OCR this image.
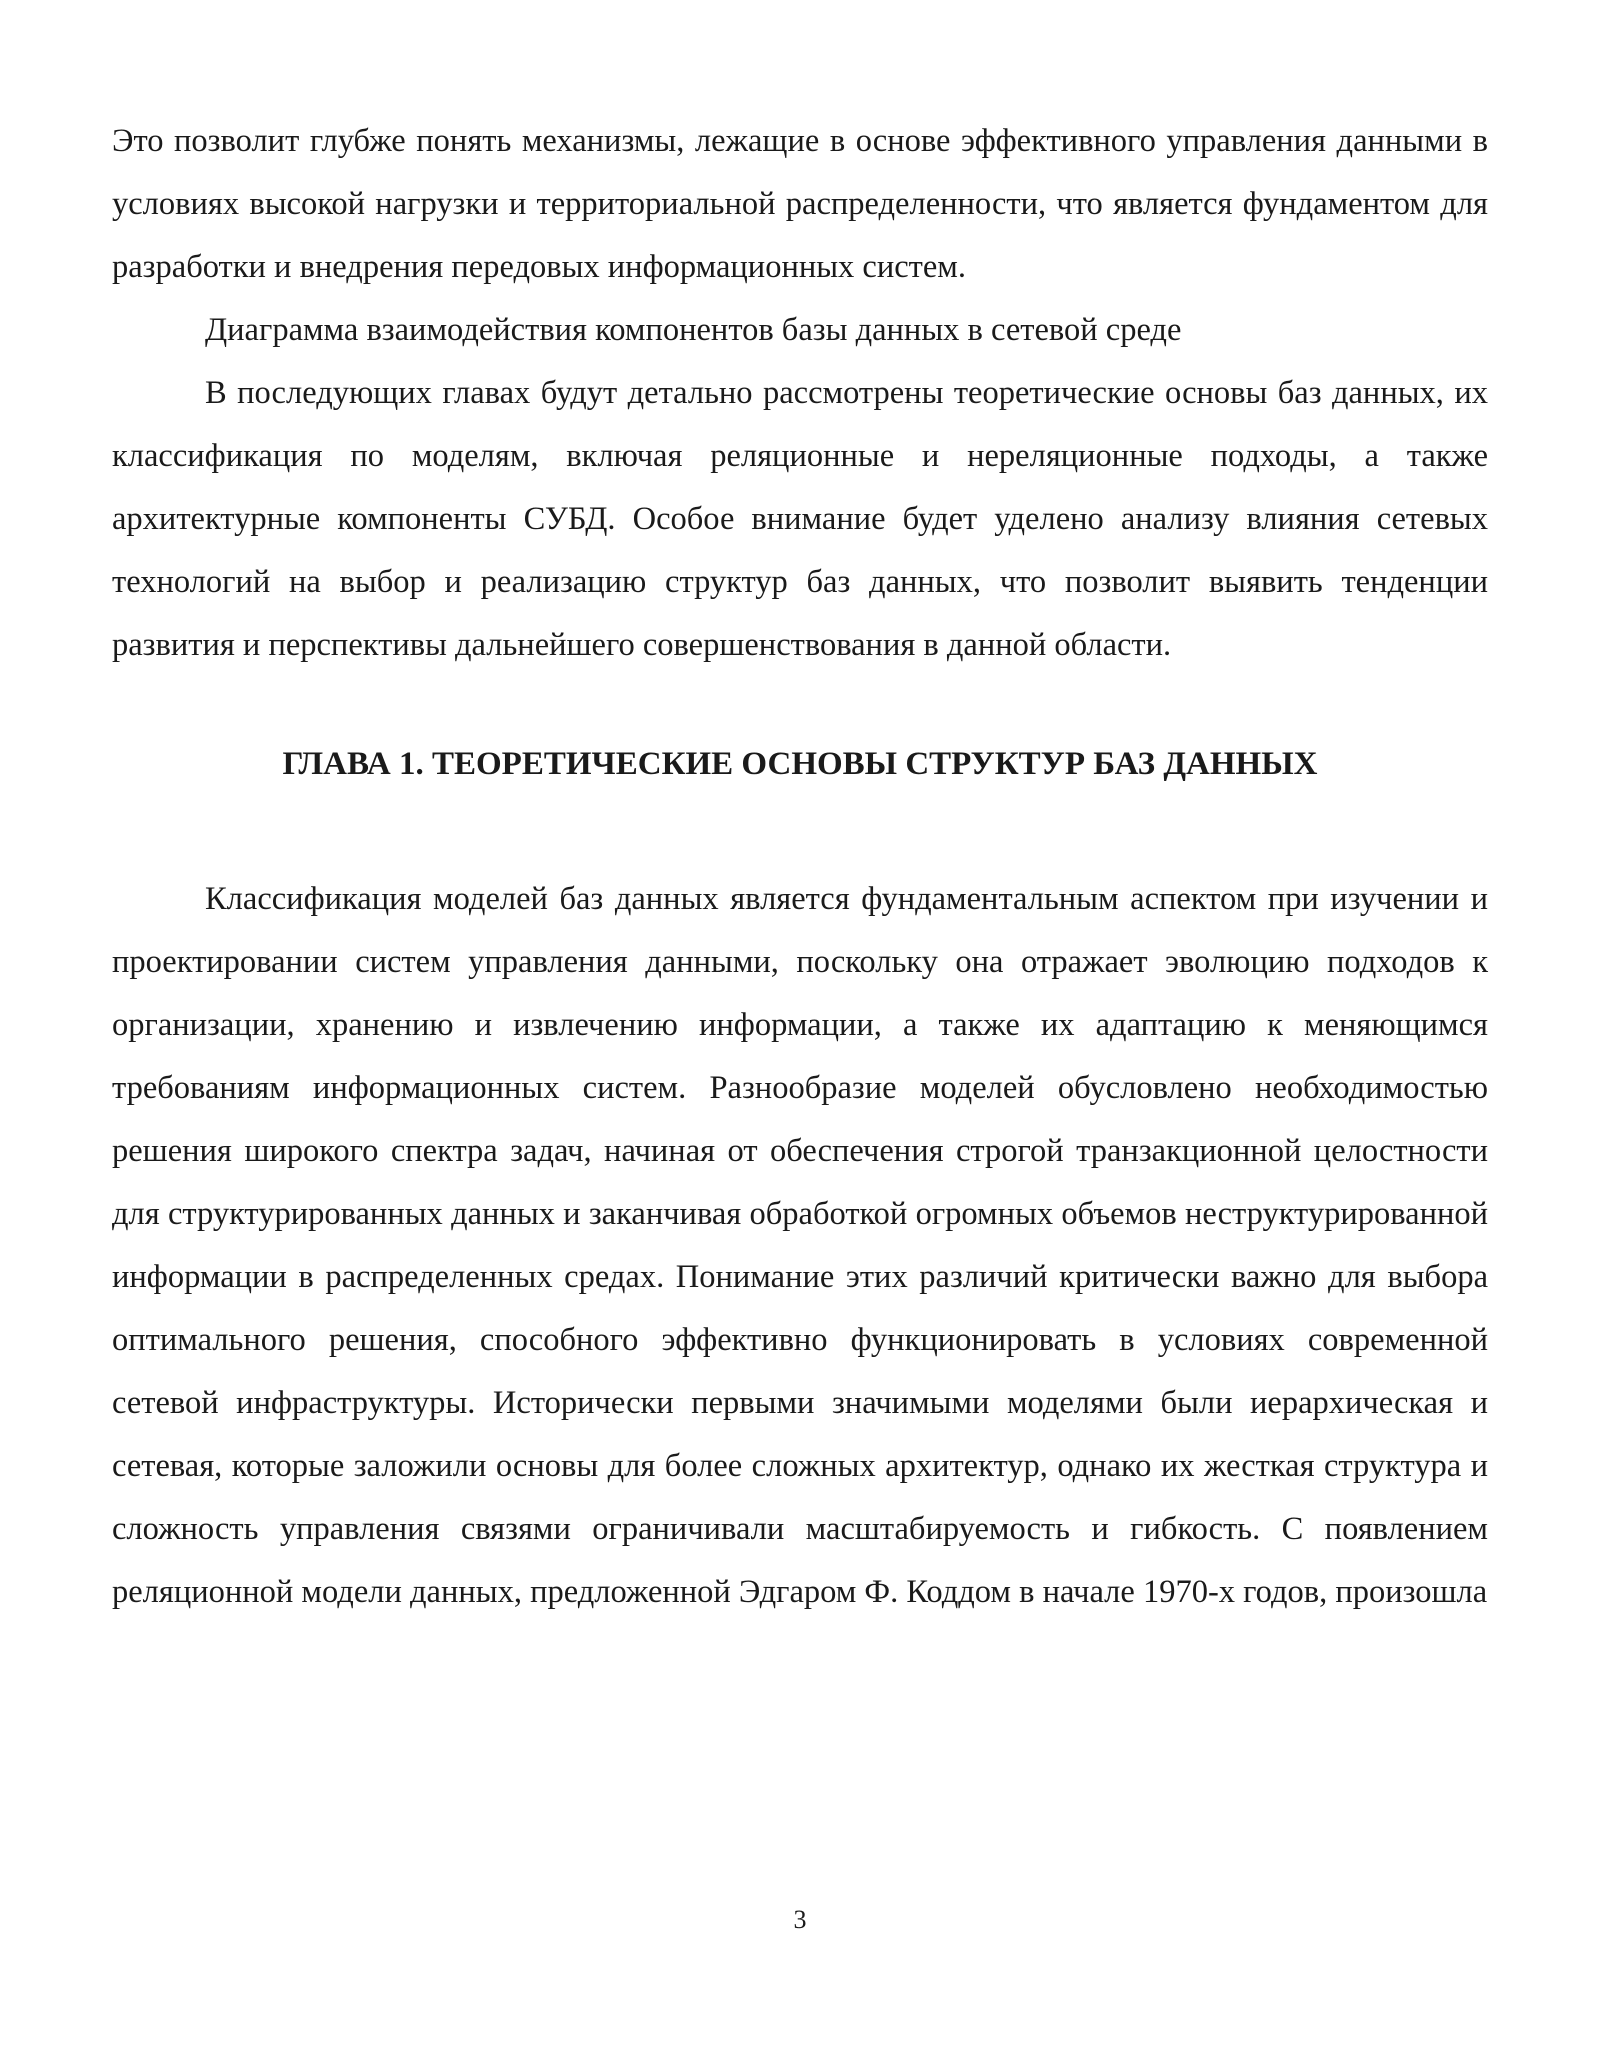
Это позволит глубже понять механизмы, лежащие в основе эффективного управления данными в условиях высокой нагрузки и территориальной распределенности, что является фундаментом для разработки и внедрения передовых информационных систем.

Диаграмма взаимодействия компонентов базы данных в сетевой среде

В последующих главах будут детально рассмотрены теоретические основы баз данных, их классификация по моделям, включая реляционные и нереляционные подходы, а также архитектурные компоненты СУБД. Особое внимание будет уделено анализу влияния сетевых технологий на выбор и реализацию структур баз данных, что позволит выявить тенденции развития и перспективы дальнейшего совершенствования в данной области.

ГЛАВА 1. ТЕОРЕТИЧЕСКИЕ ОСНОВЫ СТРУКТУР БАЗ ДАННЫХ

Классификация моделей баз данных является фундаментальным аспектом при изучении и проектировании систем управления данными, поскольку она отражает эволюцию подходов к организации, хранению и извлечению информации, а также их адаптацию к меняющимся требованиям информационных систем. Разнообразие моделей обусловлено необходимостью решения широкого спектра задач, начиная от обеспечения строгой транзакционной целостности для структурированных данных и заканчивая обработкой огромных объемов неструктурированной информации в распределенных средах. Понимание этих различий критически важно для выбора оптимального решения, способного эффективно функционировать в условиях современной сетевой инфраструктуры. Исторически первыми значимыми моделями были иерархическая и сетевая, которые заложили основы для более сложных архитектур, однако их жесткая структура и сложность управления связями ограничивали масштабируемость и гибкость. С появлением реляционной модели данных, предложенной Эдгаром Ф. Коддом в начале 1970-х годов, произошла

3
